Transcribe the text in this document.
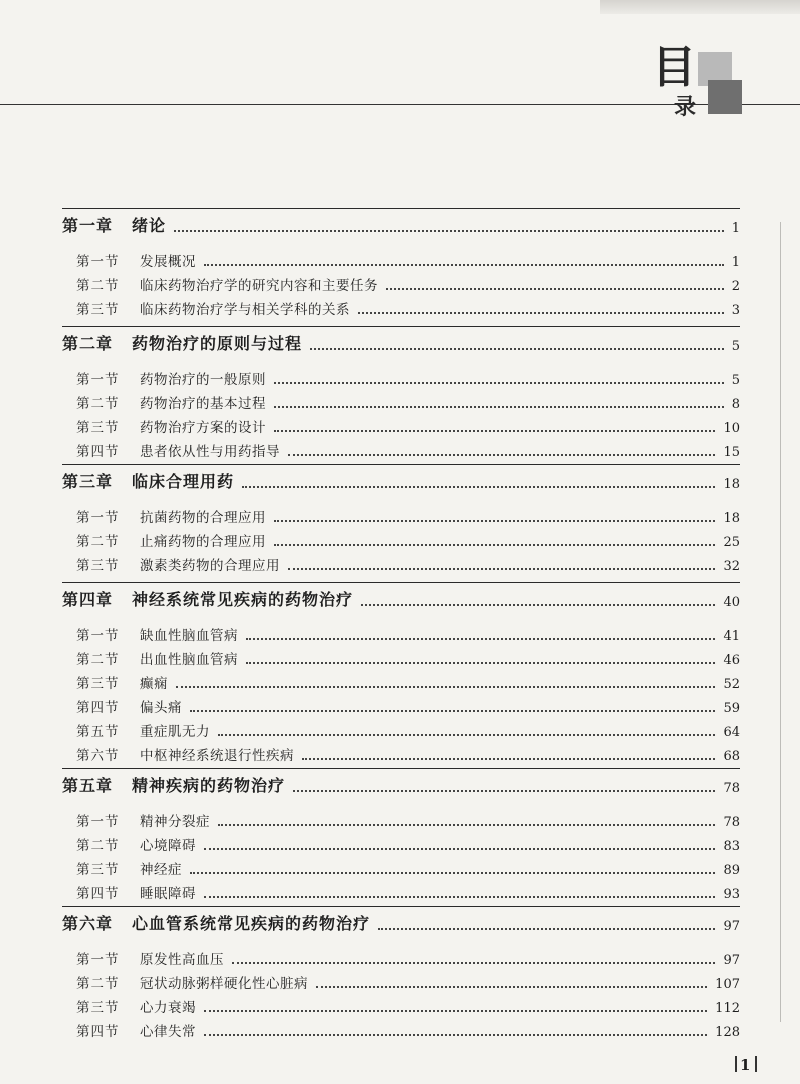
目
录
第一章 绪论	1
第一节 发展概况	1
第二节 临床药物治疗学的研究内容和主要任务	2
第三节 临床药物治疗学与相关学科的关系	3
第二章 药物治疗的原则与过程	5
第一节 药物治疗的一般原则	5
第二节 药物治疗的基本过程	8
第三节 药物治疗方案的设计	10
第四节 患者依从性与用药指导	15
第三章 临床合理用药	18
第一节 抗菌药物的合理应用	18
第二节 止痛药物的合理应用	25
第三节 激素类药物的合理应用	32
第四章 神经系统常见疾病的药物治疗	40
第一节 缺血性脑血管病	41
第二节 出血性脑血管病	46
第三节 癫痫	52
第四节 偏头痛	59
第五节 重症肌无力	64
第六节 中枢神经系统退行性疾病	68
第五章 精神疾病的药物治疗	78
第一节 精神分裂症	78
第二节 心境障碍	83
第三节 神经症	89
第四节 睡眠障碍	93
第六章 心血管系统常见疾病的药物治疗	97
第一节 原发性高血压	97
第二节 冠状动脉粥样硬化性心脏病	107
第三节 心力衰竭	112
第四节 心律失常	128
1
